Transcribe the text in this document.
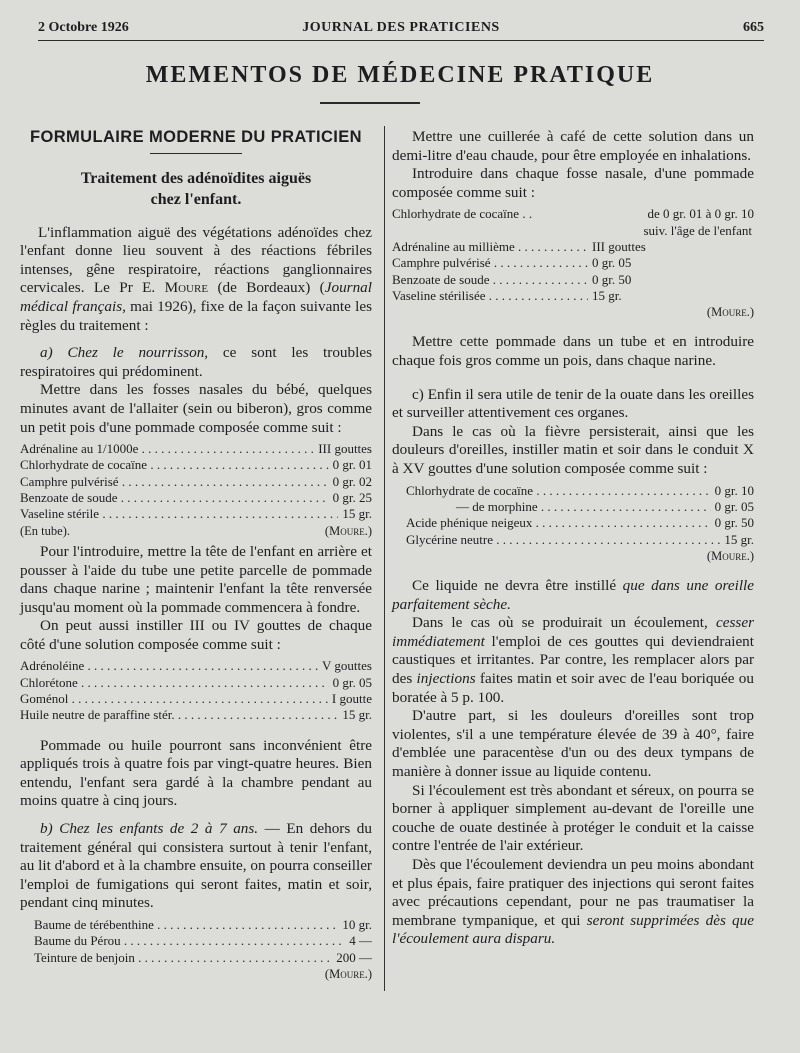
2 Octobre 1926	JOURNAL DES PRATICIENS	665
MEMENTOS DE MÉDECINE PRATIQUE
FORMULAIRE MODERNE DU PRATICIEN
Traitement des adénoïdites aiguës
chez l'enfant.

L'inflammation aiguë des végétations adénoïdes chez l'enfant donne lieu souvent à des réactions fébriles intenses, gêne respiratoire, réactions ganglionnaires cervicales. Le Pr E. Moure (de Bordeaux) (Journal médical français, mai 1926), fixe de la façon suivante les règles du traitement :

a) Chez le nourrisson, ce sont les troubles respiratoires qui prédominent.

Mettre dans les fosses nasales du bébé, quelques minutes avant de l'allaiter (sein ou biberon), gros comme un petit pois d'une pommade composée comme suit :

Adrénaline au 1/1000e . . .	III gouttes
Chlorhydrate de cocaïne . . .	0 gr. 01
Camphre pulvérisé . . .	0 gr. 02
Benzoate de soude . . .	0 gr. 25
Vaseline stérile . . .	15 gr.
(En tube).	(Moure.)

Pour l'introduire, mettre la tête de l'enfant en arrière et pousser à l'aide du tube une petite parcelle de pommade dans chaque narine ; maintenir l'enfant la tête renversée jusqu'au moment où la pommade commencera à fondre.

On peut aussi instiller III ou IV gouttes de chaque côté d'une solution composée comme suit :

Adrénoléine . . .	V gouttes
Chlorétone . . .	0 gr. 05
Goménol . . .	I goutte
Huile neutre de paraffine stér. . . .	15 gr.

Pommade ou huile pourront sans inconvénient être appliqués trois à quatre fois par vingt-quatre heures. Bien entendu, l'enfant sera gardé à la chambre pendant au moins quatre à cinq jours.

b) Chez les enfants de 2 à 7 ans. — En dehors du traitement général qui consistera surtout à tenir l'enfant, au lit d'abord et à la chambre ensuite, on pourra conseiller l'emploi de fumigations qui seront faites, matin et soir, pendant cinq minutes.

Baume de térébenthine . . .	10 gr.
Baume du Pérou . . .	4 —
Teinture de benjoin . . .	200 —
(Moure.)

Mettre une cuillerée à café de cette solution dans un demi-litre d'eau chaude, pour être employée en inhalations.

Introduire dans chaque fosse nasale, d'une pommade composée comme suit :

Chlorhydrate de cocaïne . .	de 0 gr. 01 à 0 gr. 10
suiv. l'âge de l'enfant
Adrénaline au millième . . .	III gouttes
Camphre pulvérisé . . .	0 gr. 05
Benzoate de soude . . .	0 gr. 50
Vaseline stérilisée . . .	15 gr.
(Moure.)

Mettre cette pommade dans un tube et en introduire chaque fois gros comme un pois, dans chaque narine.

c) Enfin il sera utile de tenir de la ouate dans les oreilles et surveiller attentivement ces organes.

Dans le cas où la fièvre persisterait, ainsi que les douleurs d'oreilles, instiller matin et soir dans le conduit X à XV gouttes d'une solution composée comme suit :

Chlorhydrate de cocaïne . . .	0 gr. 10
— de morphine . . .	0 gr. 05
Acide phénique neigeux . . .	0 gr. 50
Glycérine neutre . . .	15 gr.
(Moure.)

Ce liquide ne devra être instillé que dans une oreille parfaitement sèche.

Dans le cas où se produirait un écoulement, cesser immédiatement l'emploi de ces gouttes qui deviendraient caustiques et irritantes. Par contre, les remplacer alors par des injections faites matin et soir avec de l'eau boriquée ou boratée à 5 p. 100.

D'autre part, si les douleurs d'oreilles sont trop violentes, s'il a une température élevée de 39 à 40°, faire d'emblée une paracentèse d'un ou des deux tympans de manière à donner issue au liquide contenu.

Si l'écoulement est très abondant et séreux, on pourra se borner à appliquer simplement au-devant de l'oreille une couche de ouate destinée à protéger le conduit et la caisse contre l'entrée de l'air extérieur.

Dès que l'écoulement deviendra un peu moins abondant et plus épais, faire pratiquer des injections qui seront faites avec précautions cependant, pour ne pas traumatiser la membrane tympanique, et qui seront supprimées dès que l'écoulement aura disparu.
